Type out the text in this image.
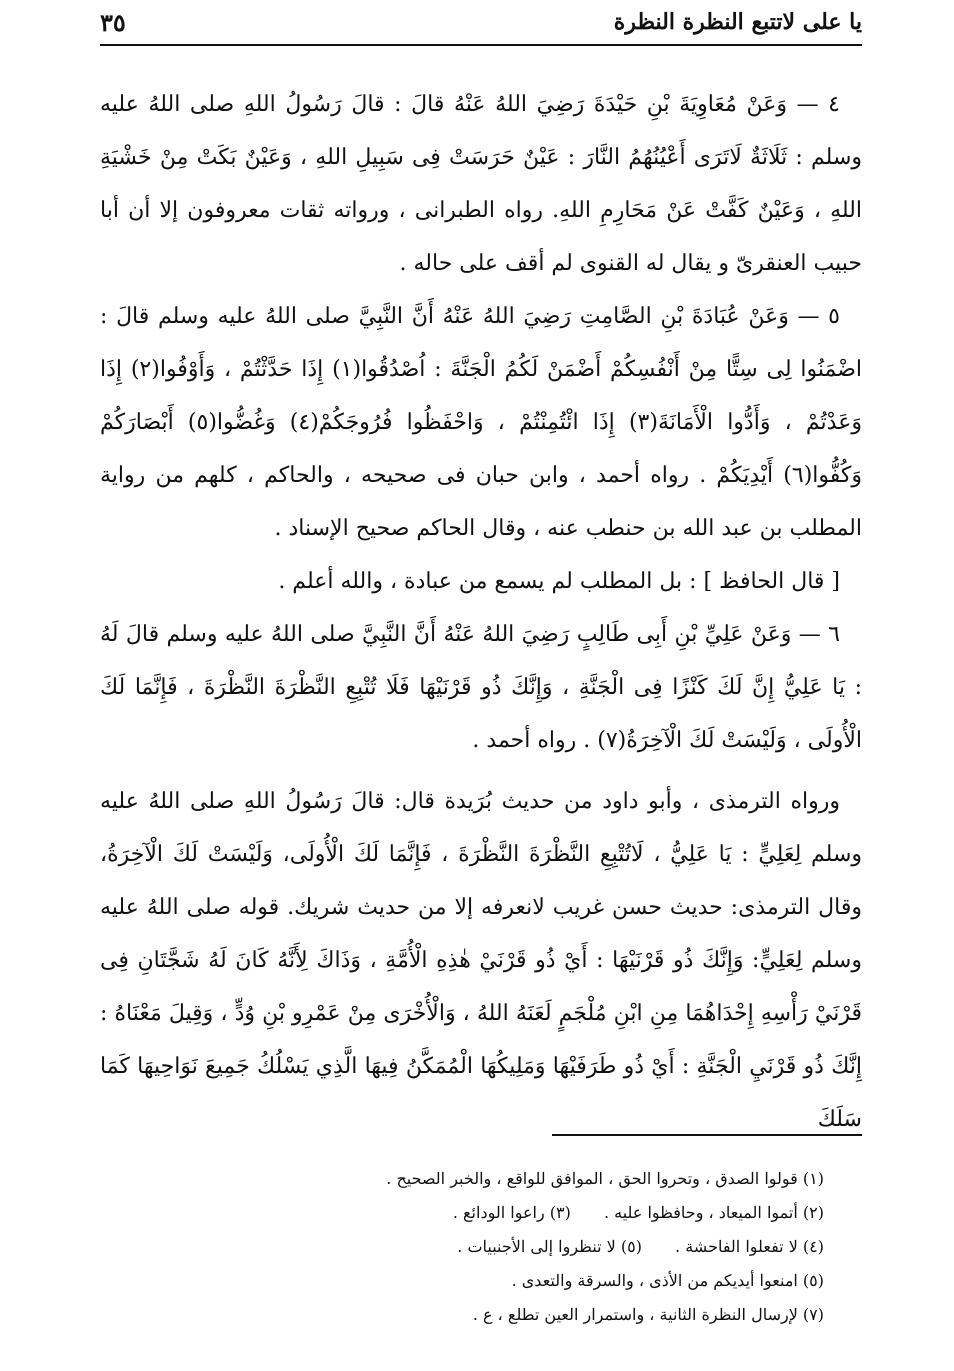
يا على لاتتبع النظرة النظرة
٣٥

٤ — وَعَنْ مُعَاوِيَةَ بْنِ حَيْدَةَ رَضِيَ اللهُ عَنْهُ قالَ : قالَ رَسُولُ اللهِ صلى اللهُ عليه وسلم : ثَلَاثَةٌ لَاتَرَى أَعْيُنُهُمُ النَّارَ : عَيْنٌ حَرَسَتْ فِى سَبِيلِ اللهِ ، وَعَيْنٌ بَكَتْ مِنْ خَشْيَةِ اللهِ ، وَعَيْنٌ كَفَّتْ عَنْ مَحَارِمِ اللهِ. رواه الطبرانى ، ورواته ثقات معروفون إلا أن أبا حبيب العنقرىّ و يقال له القنوى لم أقف على حاله .

٥ — وَعَنْ عُبَادَةَ بْنِ الصَّامِتِ رَضِيَ اللهُ عَنْهُ أَنَّ النَّبِيَّ صلى اللهُ عليه وسلم قالَ : اضْمَنُوا لِى سِتًّا مِنْ أَنْفُسِكُمْ أَضْمَنْ لَكُمُ الْجَنَّةَ : اُصْدُقُوا(١) إِذَا حَدَّثْتُمْ ، وَأَوْفُوا(٢) إِذَا وَعَدْتُمْ ، وَأَدُّوا الْأَمَانَةَ(٣) إِذَا ائْتُمِنْتُمْ ، وَاحْفَظُوا فُرُوجَكُمْ(٤) وَغُضُّوا(٥) أَبْصَارَكُمْ وَكُفُّوا(٦) أَيْدِيَكُمْ . رواه أحمد ، وابن حبان فى صحيحه ، والحاكم ، كلهم من رواية المطلب بن عبد الله بن حنطب عنه ، وقال الحاكم صحيح الإسناد .

[ قال الحافظ ] : بل المطلب لم يسمع من عبادة ، والله أعلم .

٦ — وَعَنْ عَلِيِّ بْنِ أَبِى طَالِبٍ رَضِيَ اللهُ عَنْهُ أَنَّ النَّبِيَّ صلى اللهُ عليه وسلم قالَ لَهُ : يَا عَلِيُّ إِنَّ لَكَ كَنْزًا فِى الْجَنَّةِ ، وَإِنَّكَ ذُو قَرْنَيْهَا فَلَا تُتْبِعِ النَّظْرَةَ النَّظْرَةَ ، فَإِنَّمَا لَكَ الْأُولَى ، وَلَيْسَتْ لَكَ الْآخِرَةُ(٧) . رواه أحمد .

ورواه الترمذى ، وأبو داود من حديث بُرَيدة قال: قالَ رَسُولُ اللهِ صلى اللهُ عليه وسلم لِعَلِيٍّ : يَا عَلِيُّ ، لَاتُتْبِعِ النَّظْرَةَ النَّظْرَةَ ، فَإِنَّمَا لَكَ الْأُولَى، وَلَيْسَتْ لَكَ الْآخِرَةُ، وقال الترمذى: حديث حسن غريب لانعرفه إلا من حديث شريك. قوله صلى اللهُ عليه وسلم لِعَلِيٍّ: وَإِنَّكَ ذُو قَرْنَيْهَا : أَيْ ذُو قَرْنَيْ هٰذِهِ الْأُمَّةِ ، وَذَاكَ لِأَنَّهُ كَانَ لَهُ شَجَّتَانِ فِى قَرْنَيْ رَأْسِهِ إِحْدَاهُمَا مِنِ ابْنِ مُلْجَمٍ لَعَنَهُ اللهُ ، وَالْأُخْرَى مِنْ عَمْرِو بْنِ وُدٍّ ، وَقِيلَ مَعْنَاهُ : إِنَّكَ ذُو قَرْنَيِ الْجَنَّةِ : أَيْ ذُو طَرَفَيْهَا وَمَلِيكُهَا الْمُمَكَّنُ فِيهَا الَّذِي يَسْلُكُ جَمِيعَ نَوَاحِيهَا كَمَا سَلَكَ

(١) قولوا الصدق ، وتحروا الحق ، الموافق للواقع ، والخبر الصحيح .

(٢) أتموا الميعاد ، وحافظوا عليه . (٣) راعوا الودائع .

(٤) لا تفعلوا الفاحشة . (٥) لا تنظروا إلى الأجنبيات .

(٥) امنعوا أيديكم من الأذى ، والسرقة والتعدى .

(٧) لإرسال النظرة الثانية ، واستمرار العين تطلع ، ع .
